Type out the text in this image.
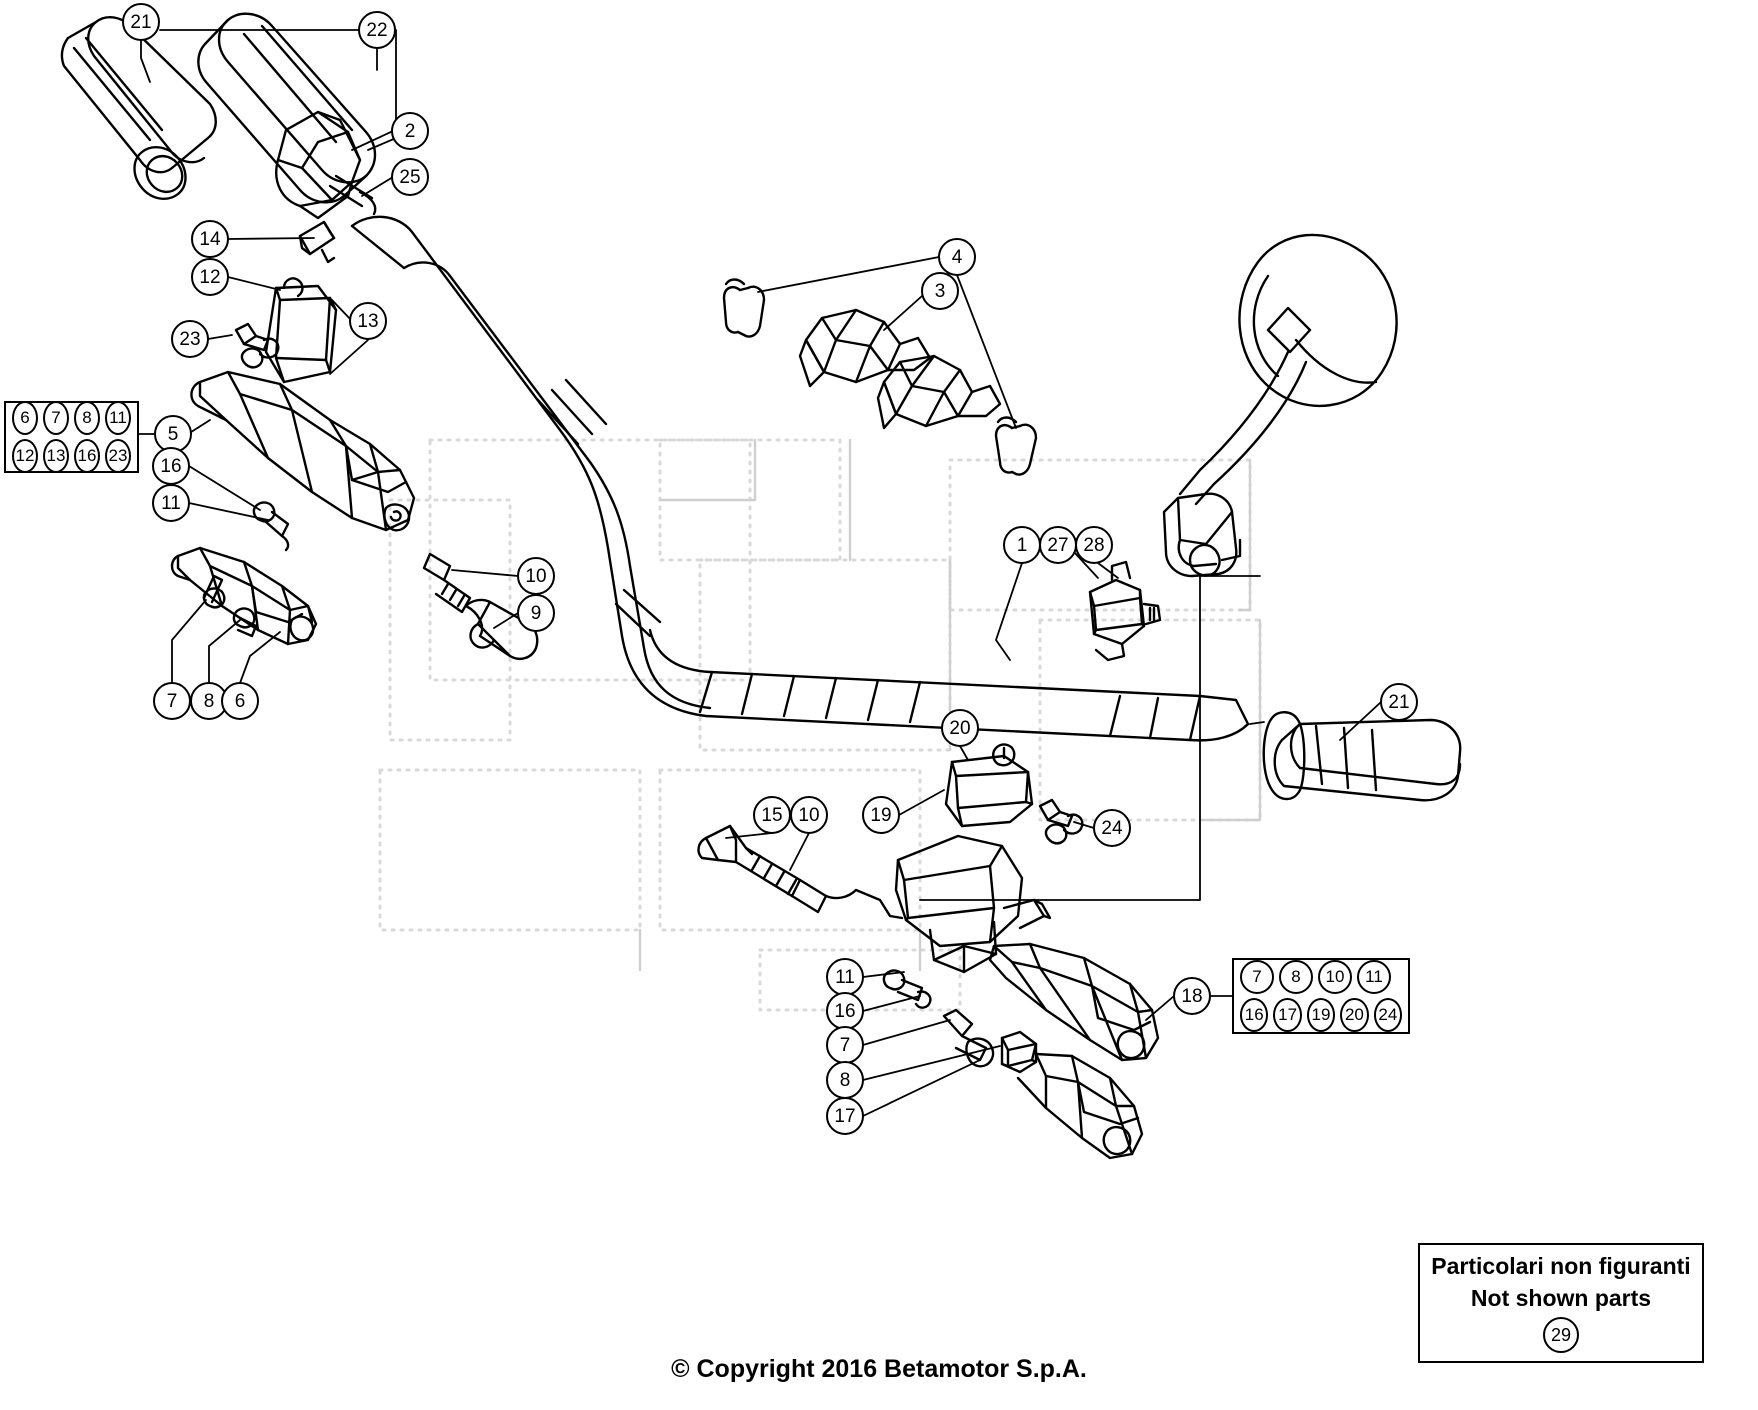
21	22
2
25
14
12
13
23
5
16
11
10
9
7 8 6
4
3
1 27 28
21
20
15 10	19
24
11
16
7
8
17
18
6 7 8 11
12 13 16 23
7 8 10 11
16 17 19 20 24
Particolari non figuranti
Not shown parts
29
© Copyright 2016 Betamotor S.p.A.
